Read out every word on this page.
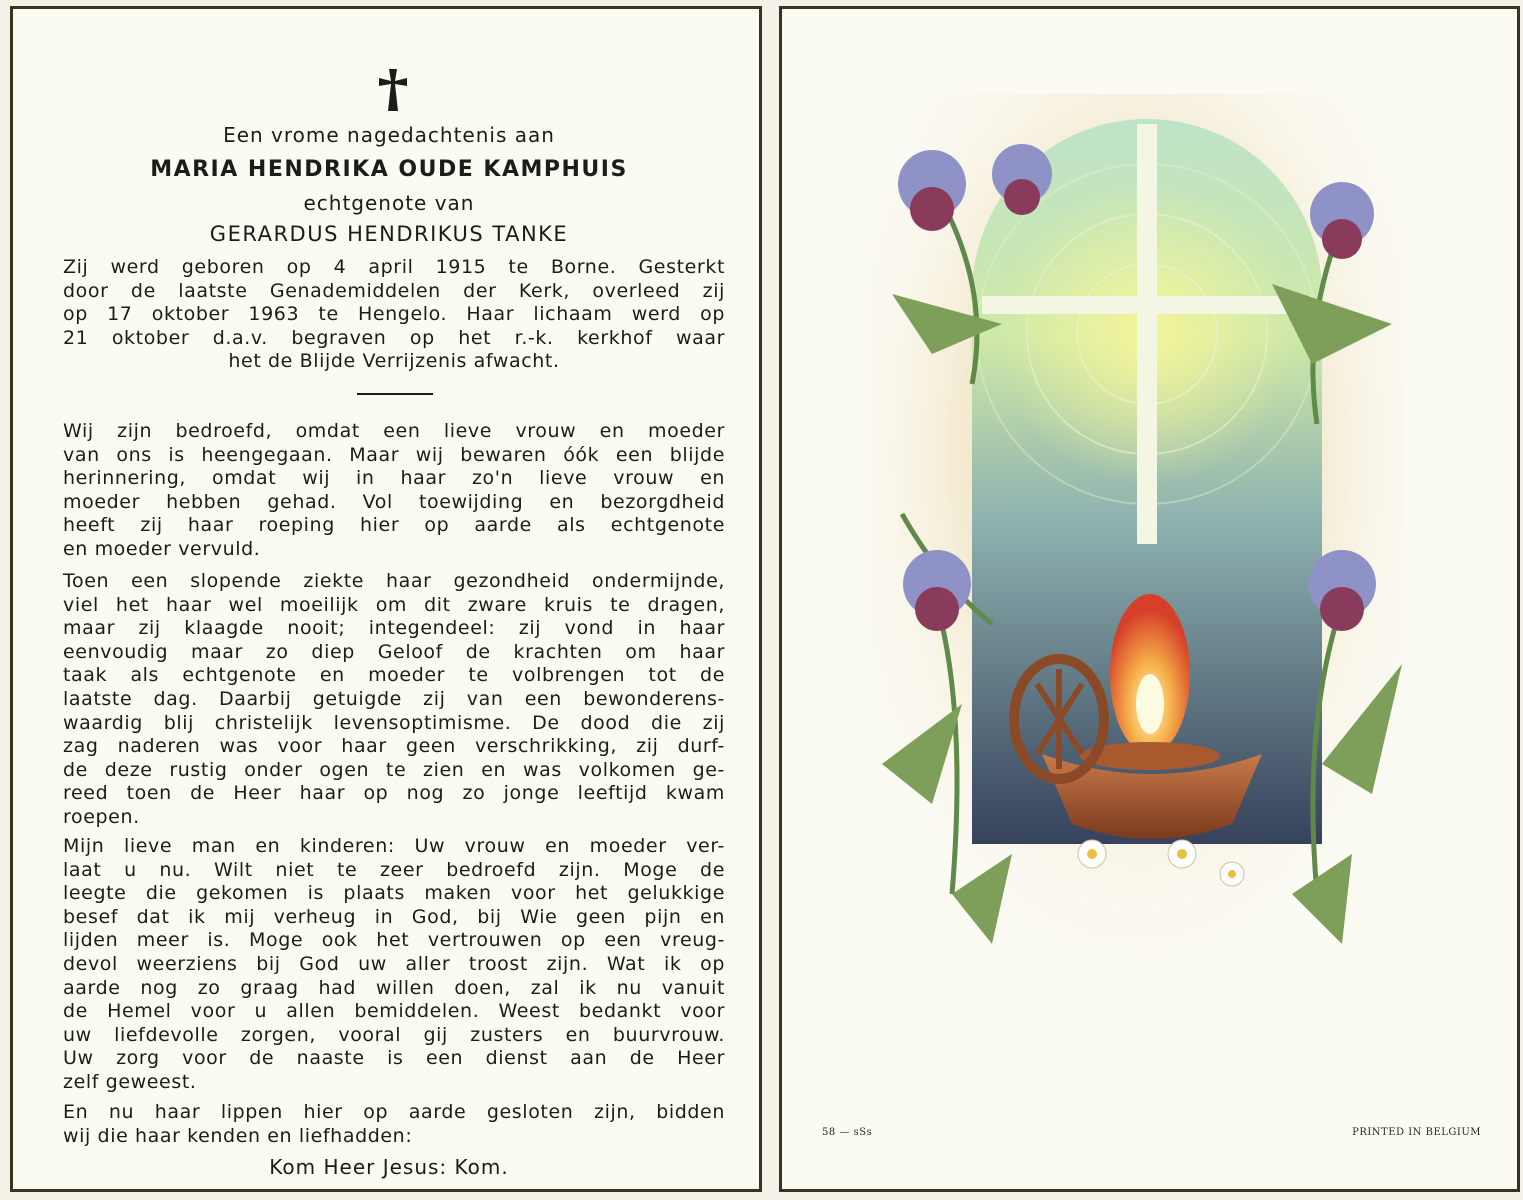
Een vrome nagedachtenis aan
MARIA HENDRIKA OUDE KAMPHUIS
echtgenote van
GERARDUS HENDRIKUS TANKE
Zij werd geboren op 4 april 1915 te Borne. Gesterkt
door de laatste Genademiddelen der Kerk, overleed zij
op 17 oktober 1963 te Hengelo. Haar lichaam werd op
21 oktober d.a.v. begraven op het r.-k. kerkhof waar
het de Blijde Verrijzenis afwacht.
Wij zijn bedroefd, omdat een lieve vrouw en moeder
van ons is heengegaan. Maar wij bewaren óók een blijde
herinnering, omdat wij in haar zo'n lieve vrouw en
moeder hebben gehad. Vol toewijding en bezorgdheid
heeft zij haar roeping hier op aarde als echtgenote
en moeder vervuld.
Toen een slopende ziekte haar gezondheid ondermijnde,
viel het haar wel moeilijk om dit zware kruis te dragen,
maar zij klaagde nooit; integendeel: zij vond in haar
eenvoudig maar zo diep Geloof de krachten om haar
taak als echtgenote en moeder te volbrengen tot de
laatste dag. Daarbij getuigde zij van een bewonderens-
waardig blij christelijk levensoptimisme. De dood die zij
zag naderen was voor haar geen verschrikking, zij durf-
de deze rustig onder ogen te zien en was volkomen ge-
reed toen de Heer haar op nog zo jonge leeftijd kwam
roepen.
Mijn lieve man en kinderen: Uw vrouw en moeder ver-
laat u nu. Wilt niet te zeer bedroefd zijn. Moge de
leegte die gekomen is plaats maken voor het gelukkige
besef dat ik mij verheug in God, bij Wie geen pijn en
lijden meer is. Moge ook het vertrouwen op een vreug-
devol weerziens bij God uw aller troost zijn. Wat ik op
aarde nog zo graag had willen doen, zal ik nu vanuit
de Hemel voor u allen bemiddelen. Weest bedankt voor
uw liefdevolle zorgen, vooral gij zusters en buurvrouw.
Uw zorg voor de naaste is een dienst aan de Heer
zelf geweest.
En nu haar lippen hier op aarde gesloten zijn, bidden
wij die haar kenden en liefhadden:
Kom Heer Jesus: Kom.
58 — sSs	PRINTED IN BELGIUM
